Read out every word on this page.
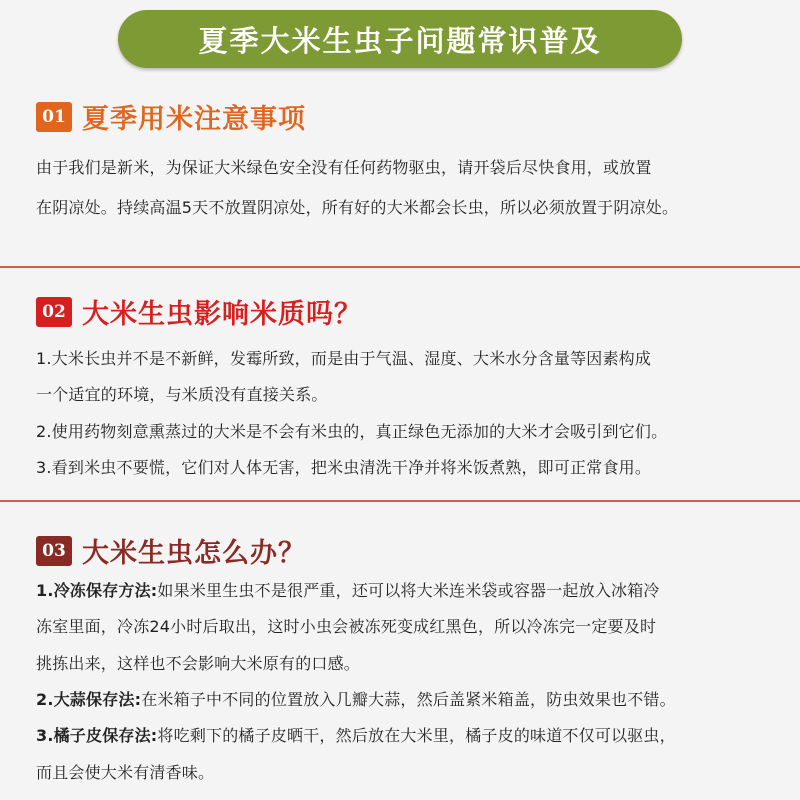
夏季大米生虫子问题常识普及
01 夏季用米注意事项
由于我们是新米，为保证大米绿色安全没有任何药物驱虫，请开袋后尽快食用，或放置
在阴凉处。持续高温5天不放置阴凉处，所有好的大米都会长虫，所以必须放置于阴凉处。
02 大米生虫影响米质吗？
1.大米长虫并不是不新鲜，发霉所致，而是由于气温、湿度、大米水分含量等因素构成
一个适宜的环境，与米质没有直接关系。
2.使用药物刻意熏蒸过的大米是不会有米虫的，真正绿色无添加的大米才会吸引到它们。
3.看到米虫不要慌，它们对人体无害，把米虫清洗干净并将米饭煮熟，即可正常食用。
03 大米生虫怎么办？
1.冷冻保存方法:如果米里生虫不是很严重，还可以将大米连米袋或容器一起放入冰箱冷
冻室里面，冷冻24小时后取出，这时小虫会被冻死变成红黑色，所以冷冻完一定要及时
挑拣出来，这样也不会影响大米原有的口感。
2.大蒜保存法:在米箱子中不同的位置放入几瓣大蒜，然后盖紧米箱盖，防虫效果也不错。
3.橘子皮保存法:将吃剩下的橘子皮晒干，然后放在大米里，橘子皮的味道不仅可以驱虫，
而且会使大米有清香味。
